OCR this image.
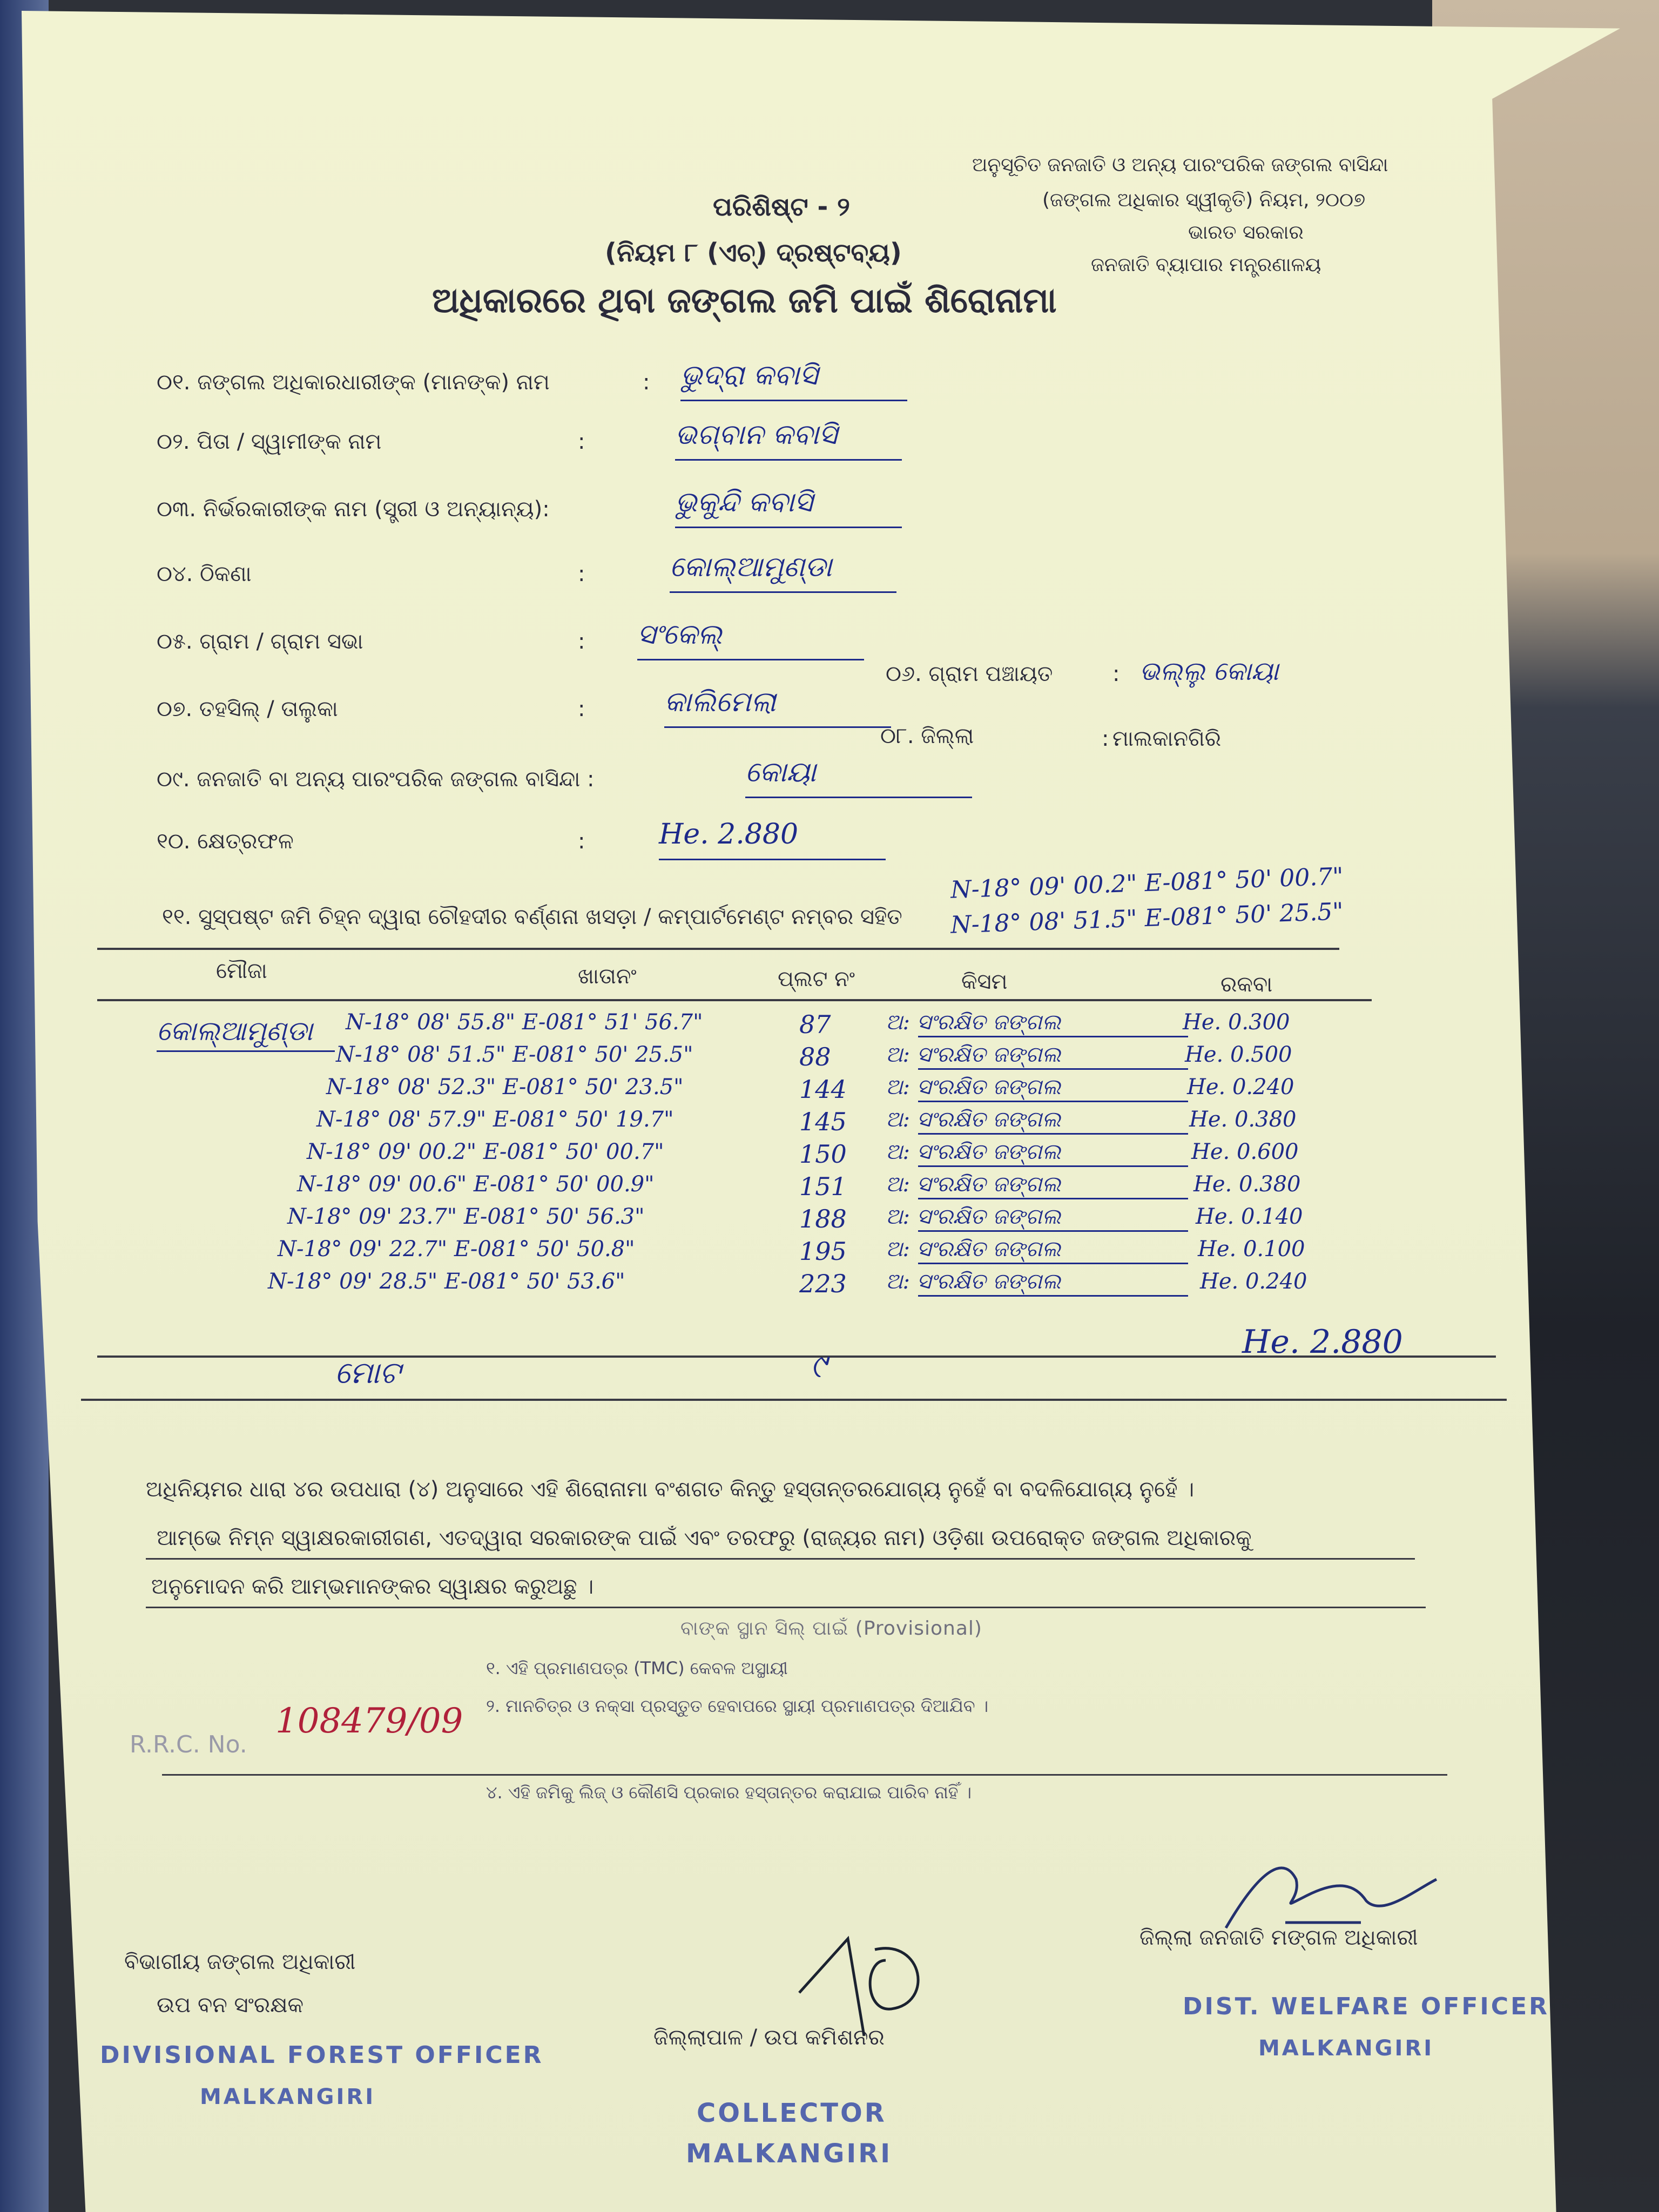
ଅନୁସୂଚିତ ଜନଜାତି ଓ ଅନ୍ୟ ପାରଂପରିକ ଜଙ୍ଗଲ ବାସିନ୍ଦା
(ଜଙ୍ଗଲ ଅଧିକାର ସ୍ୱୀକୃତି) ନିୟମ, ୨୦୦୭
ଭାରତ ସରକାର
ଜନଜାତି ବ୍ୟାପାର ମନ୍ତ୍ରଣାଳୟ
ପରିଶିଷ୍ଟ - ୨
(ନିୟମ ୮ (ଏଚ୍) ଦ୍ରଷ୍ଟବ୍ୟ)
ଅଧିକାରରେ ଥିବା ଜଙ୍ଗଲ ଜମି ପାଇଁ ଶିରୋନାମା
୦୧. ଜଙ୍ଗଲ ଅଧିକାରଧାରୀଙ୍କ (ମାନଙ୍କ) ନାମ	: ଭୁଦ୍ରା କବାସି
୦୨. ପିତା / ସ୍ୱାମୀଙ୍କ ନାମ	:	ଭଗ୍ବାନ କବାସି
୦୩. ନିର୍ଭରକାରୀଙ୍କ ନାମ (ସ୍ତ୍ରୀ ଓ ଅନ୍ୟାନ୍ୟ):	ଭୁକୁନ୍ଦି କବାସି
୦୪. ଠିକଣା	:	କୋଲ୍ଆମୁଣ୍ଡା
୦୫. ଗ୍ରାମ / ଗ୍ରାମ ସଭା	: ସଂକେଲ୍
୦୭. ତହସିଲ୍ / ତାଲୁକା	:	କାଲିମେଲା
୦୯. ଜନଜାତି ବା ଅନ୍ୟ ପାରଂପରିକ ଜଙ୍ଗଲ ବାସିନ୍ଦା :	କୋୟା
୧୦. କ୍ଷେତ୍ରଫଳ	:	He. 2.880
୦୬. ଗ୍ରାମ ପଞ୍ଚାୟତ	: ଭଲ୍ଲୁ କୋୟା
୦୮. ଜିଲ୍ଲା	: ମାଲକାନଗିରି
୧୧. ସୁସ୍ପଷ୍ଟ ଜମି ଚିହ୍ନ ଦ୍ୱାରା ଚୌହଦୀର ବର୍ଣ୍ଣନା ଖସଡ଼ା / କମ୍ପାର୍ଟମେଣ୍ଟ ନମ୍ବର ସହିତ
N-18° 09' 00.2" E-081° 50' 00.7"
N-18° 08' 51.5" E-081° 50' 25.5"
ମୌଜା	ଖାତାନଂ	ପ୍ଲଟ ନଂ	କିସମ	ରକବା
କୋଲ୍ଆମୁଣ୍ଡା N-18° 08' 55.8" E-081° 51' 56.7"	87	ଅ: ସଂରକ୍ଷିତ ଜଙ୍ଗଲ	He. 0.300
N-18° 08' 51.5" E-081° 50' 25.5"	88	ଅ: ସଂରକ୍ଷିତ ଜଙ୍ଗଲ	He. 0.500
N-18° 08' 52.3" E-081° 50' 23.5"	144 ଅ: ସଂରକ୍ଷିତ ଜଙ୍ଗଲ	He. 0.240
N-18° 08' 57.9" E-081° 50' 19.7"	145 ଅ: ସଂରକ୍ଷିତ ଜଙ୍ଗଲ	He. 0.380
N-18° 09' 00.2" E-081° 50' 00.7"	150 ଅ: ସଂରକ୍ଷିତ ଜଙ୍ଗଲ	He. 0.600
N-18° 09' 00.6" E-081° 50' 00.9"	151 ଅ: ସଂରକ୍ଷିତ ଜଙ୍ଗଲ	He. 0.380
N-18° 09' 23.7" E-081° 50' 56.3"	188 ଅ: ସଂରକ୍ଷିତ ଜଙ୍ଗଲ	He. 0.140
N-18° 09' 22.7" E-081° 50' 50.8"	195 ଅ: ସଂରକ୍ଷିତ ଜଙ୍ଗଲ	He. 0.100
N-18° 09' 28.5" E-081° 50' 53.6"	223 ଅ: ସଂରକ୍ଷିତ ଜଙ୍ଗଲ	He. 0.240
ମୋଟ	୯
He. 2.880
ଅଧିନିୟମର ଧାରା ୪ର ଉପଧାରା (୪) ଅନୁସାରେ ଏହି ଶିରୋନାମା ବଂଶଗତ କିନ୍ତୁ ହସ୍ତାନ୍ତରଯୋଗ୍ୟ ନୁହେଁ ବା ବଦଳିଯୋଗ୍ୟ ନୁହେଁ ।
ଆମ୍ଭେ ନିମ୍ନ ସ୍ୱାକ୍ଷରକାରୀଗଣ, ଏତଦ୍ୱାରା ସରକାରଙ୍କ ପାଇଁ ଏବଂ ତରଫରୁ (ରାଜ୍ୟର ନାମ) ଓଡ଼ିଶା ଉପରୋକ୍ତ ଜଙ୍ଗଲ ଅଧିକାରକୁ
ଅନୁମୋଦନ କରି ଆମ୍ଭମାନଙ୍କର ସ୍ୱାକ୍ଷର କରୁଅଛୁ ।
ବାଙ୍କ ସ୍ଥାନ ସିଲ୍ ପାଇଁ (Provisional)
୧. ଏହି ପ୍ରମାଣପତ୍ର (TMC) କେବଳ ଅସ୍ଥାୟୀ
୨. ମାନଚିତ୍ର ଓ ନକ୍ସା ପ୍ରସ୍ତୁତ ହେବାପରେ ସ୍ଥାୟୀ ପ୍ରମାଣପତ୍ର ଦିଆଯିବ ।
୪. ଏହି ଜମିକୁ ଲିଜ୍ ଓ କୌଣସି ପ୍ରକାର ହସ୍ତାନ୍ତର କରାଯାଇ ପାରିବ ନାହିଁ ।
R.R.C. No.
108479/09
ବିଭାଗୀୟ ଜଙ୍ଗଲ ଅଧିକାରୀ
ଉପ ବନ ସଂରକ୍ଷକ
DIVISIONAL FOREST OFFICER
MALKANGIRI
ଜିଲ୍ଲାପାଳ / ଉପ କମିଶନର
COLLECTOR
MALKANGIRI
ଜିଲ୍ଲା ଜନଜାତି ମଙ୍ଗଳ ଅଧିକାରୀ
DIST. WELFARE OFFICER
MALKANGIRI
